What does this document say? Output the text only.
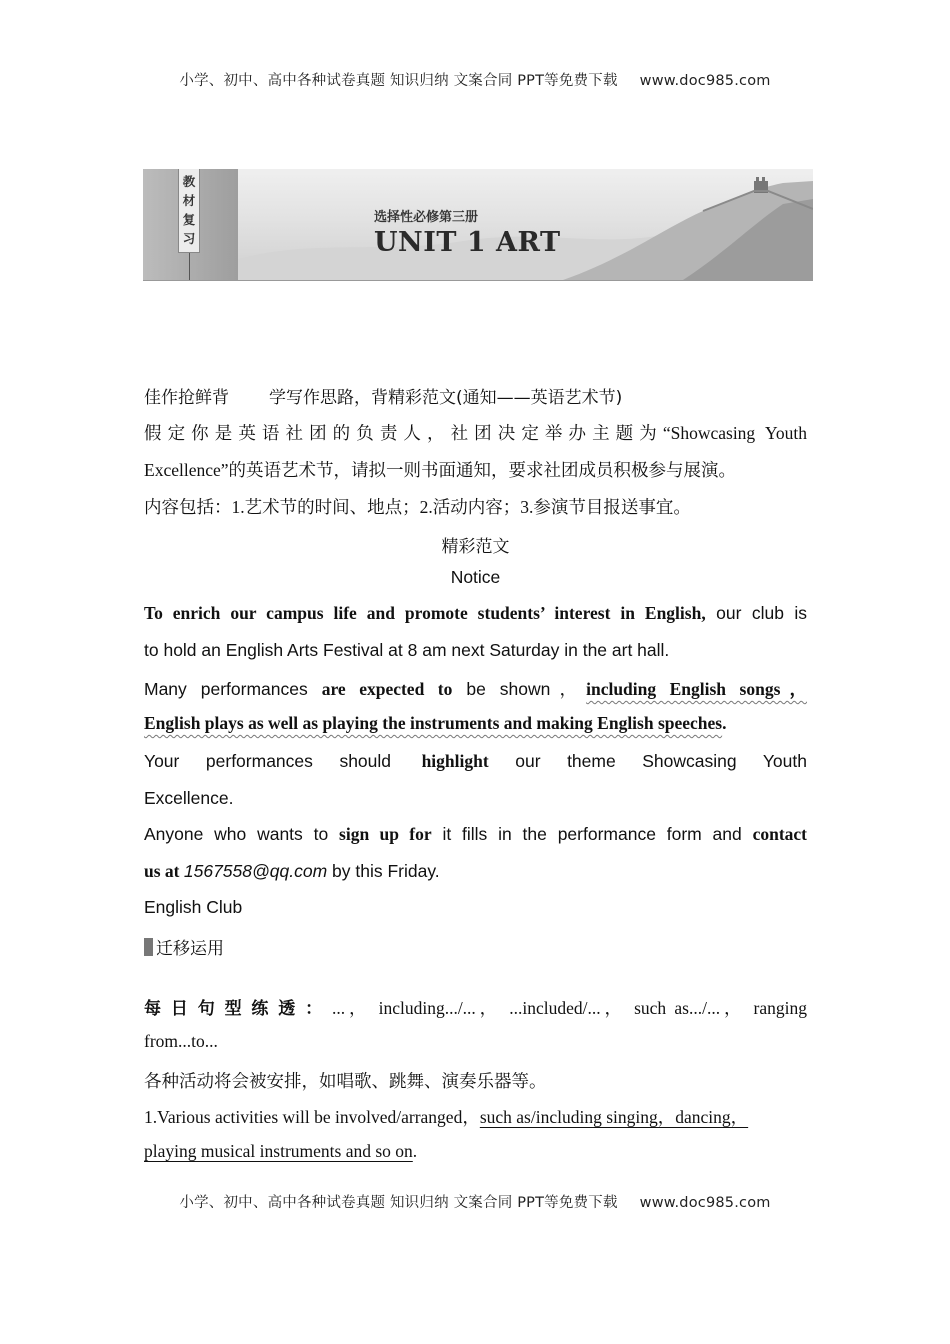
小学、初中、高中各种试卷真题 知识归纳 文案合同 PPT等免费下载 www.doc985.com
教材复习
选择性必修第三册
UNIT 1 ART
佳作抢鲜背 学写作思路，背精彩范文(通知——英语艺术节)
假定你是英语社团的负责人，社团决定举办主题为“Showcasing Youth
Excellence”的英语艺术节，请拟一则书面通知，要求社团成员积极参与展演。
内容包括：1.艺术节的时间、地点；2.活动内容；3.参演节目报送事宜。
精彩范文
Notice
To enrich our campus life and promote students’ interest in English, our club is
to hold an English Arts Festival at 8 am next Saturday in the art hall.
Many performances are expected to be shown，including English songs，
English plays as well as playing the instruments and making English speeches.
Your performances should highlight our theme Showcasing Youth
Excellence.
Anyone who wants to sign up for it fills in the performance form and contact
us at 1567558@qq.com by this Friday.
English Club
迁移运用
每日句型练透：...， including.../...， ...included/...， such as.../...， ranging
from...to...
各种活动将会被安排，如唱歌、跳舞、演奏乐器等。
1.Various activities will be involved/arranged，such as/including singing，dancing，
playing musical instruments and so on.
小学、初中、高中各种试卷真题 知识归纳 文案合同 PPT等免费下载 www.doc985.com
